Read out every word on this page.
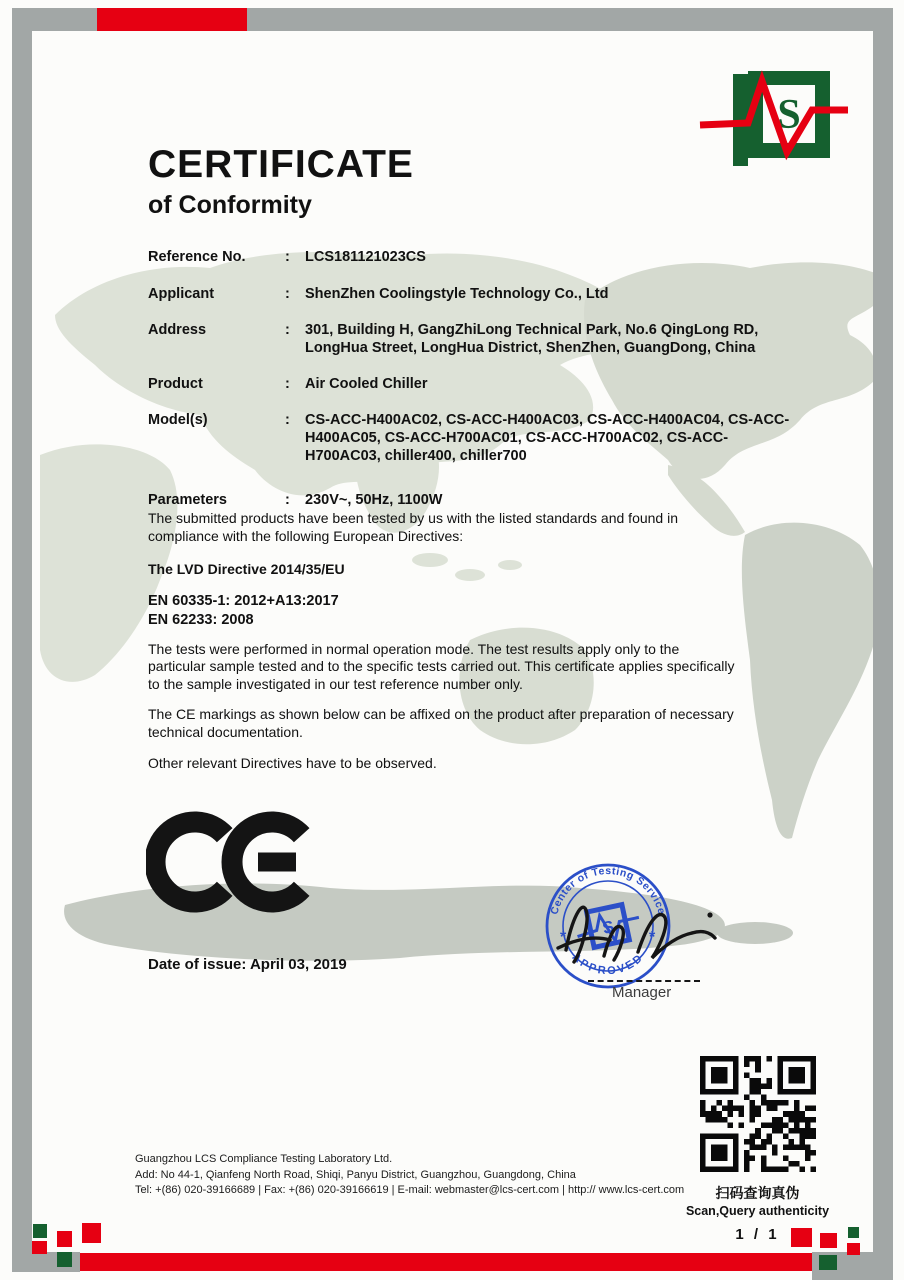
S
CERTIFICATE
of Conformity
Reference No.	:	LCS181121023CS
Applicant	:	ShenZhen Coolingstyle Technology Co., Ltd
Address	:	301, Building H, GangZhiLong Technical Park, No.6 QingLong RD, LongHua Street, LongHua District, ShenZhen, GuangDong, China
Product	:	Air Cooled Chiller
Model(s)	:	CS-ACC-H400AC02, CS-ACC-H400AC03, CS-ACC-H400AC04, CS-ACC-H400AC05, CS-ACC-H700AC01, CS-ACC-H700AC02, CS-ACC-H700AC03, chiller400, chiller700
Parameters	:	230V~, 50Hz, 1100W

The submitted products have been tested by us with the listed standards and found in compliance with the following European Directives:

The LVD Directive 2014/35/EU

EN 60335-1: 2012+A13:2017
EN 62233: 2008

The tests were performed in normal operation mode. The test results apply only to the particular sample tested and to the specific tests carried out. This certificate applies specifically to the sample investigated in our test reference number only.

The CE markings as shown below can be affixed on the product after preparation of necessary technical documentation.

Other relevant Directives have to be observed.

Date of issue: April 03, 2019
Center of Testing Service
APPROVED
*	*
S
Manager
扫码查询真伪
Scan,Query authenticity
1 / 1
Guangzhou LCS Compliance Testing Laboratory Ltd.
Add: No 44-1, Qianfeng North Road, Shiqi, Panyu District, Guangzhou, Guangdong, China
Tel: +(86) 020-39166689 | Fax: +(86) 020-39166619 | E-mail: webmaster@lcs-cert.com | http:// www.lcs-cert.com
